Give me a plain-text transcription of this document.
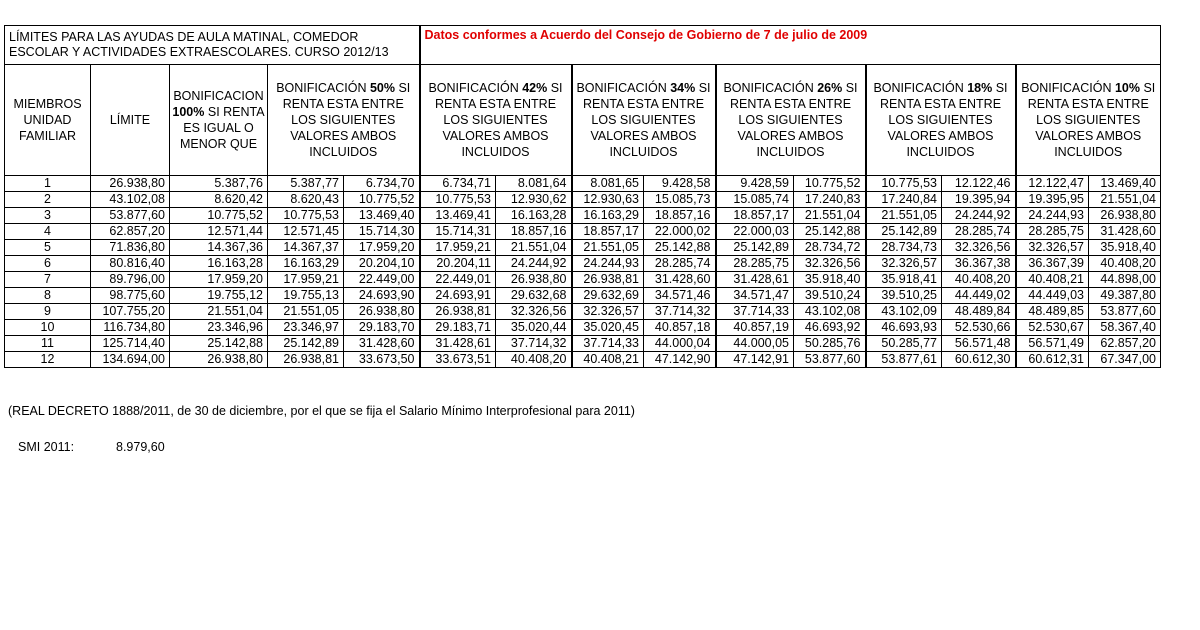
LÍMITES PARA LAS AYUDAS DE AULA MATINAL, COMEDOR ESCOLAR Y ACTIVIDADES EXTRAESCOLARES. CURSO 2012/13					Datos conformes a Acuerdo del Consejo de Gobierno de 7 de julio de 2009									
MIEMBROS UNIDAD FAMILIAR	LÍMITE	BONIFICACION 100% SI RENTA ES IGUAL O MENOR QUE	BONIFICACIÓN 50% SI RENTA ESTA ENTRE LOS SIGUIENTES VALORES AMBOS INCLUIDOS		BONIFICACIÓN 42% SI RENTA ESTA ENTRE LOS SIGUIENTES VALORES AMBOS INCLUIDOS		BONIFICACIÓN 34% SI RENTA ESTA ENTRE LOS SIGUIENTES VALORES AMBOS INCLUIDOS		BONIFICACIÓN 26% SI RENTA ESTA ENTRE LOS SIGUIENTES VALORES AMBOS INCLUIDOS		BONIFICACIÓN 18% SI RENTA ESTA ENTRE LOS SIGUIENTES VALORES AMBOS INCLUIDOS		BONIFICACIÓN 10% SI RENTA ESTA ENTRE LOS SIGUIENTES VALORES AMBOS INCLUIDOS	
1	26.938,80	5.387,76	5.387,77	6.734,70	6.734,71	8.081,64	8.081,65	9.428,58	9.428,59	10.775,52	10.775,53	12.122,46	12.122,47	13.469,40
2	43.102,08	8.620,42	8.620,43	10.775,52	10.775,53	12.930,62	12.930,63	15.085,73	15.085,74	17.240,83	17.240,84	19.395,94	19.395,95	21.551,04
3	53.877,60	10.775,52	10.775,53	13.469,40	13.469,41	16.163,28	16.163,29	18.857,16	18.857,17	21.551,04	21.551,05	24.244,92	24.244,93	26.938,80
4	62.857,20	12.571,44	12.571,45	15.714,30	15.714,31	18.857,16	18.857,17	22.000,02	22.000,03	25.142,88	25.142,89	28.285,74	28.285,75	31.428,60
5	71.836,80	14.367,36	14.367,37	17.959,20	17.959,21	21.551,04	21.551,05	25.142,88	25.142,89	28.734,72	28.734,73	32.326,56	32.326,57	35.918,40
6	80.816,40	16.163,28	16.163,29	20.204,10	20.204,11	24.244,92	24.244,93	28.285,74	28.285,75	32.326,56	32.326,57	36.367,38	36.367,39	40.408,20
7	89.796,00	17.959,20	17.959,21	22.449,00	22.449,01	26.938,80	26.938,81	31.428,60	31.428,61	35.918,40	35.918,41	40.408,20	40.408,21	44.898,00
8	98.775,60	19.755,12	19.755,13	24.693,90	24.693,91	29.632,68	29.632,69	34.571,46	34.571,47	39.510,24	39.510,25	44.449,02	44.449,03	49.387,80
9	107.755,20	21.551,04	21.551,05	26.938,80	26.938,81	32.326,56	32.326,57	37.714,32	37.714,33	43.102,08	43.102,09	48.489,84	48.489,85	53.877,60
10	116.734,80	23.346,96	23.346,97	29.183,70	29.183,71	35.020,44	35.020,45	40.857,18	40.857,19	46.693,92	46.693,93	52.530,66	52.530,67	58.367,40
11	125.714,40	25.142,88	25.142,89	31.428,60	31.428,61	37.714,32	37.714,33	44.000,04	44.000,05	50.285,76	50.285,77	56.571,48	56.571,49	62.857,20
12	134.694,00	26.938,80	26.938,81	33.673,50	33.673,51	40.408,20	40.408,21	47.142,90	47.142,91	53.877,60	53.877,61	60.612,30	60.612,31	67.347,00
(REAL DECRETO 1888/2011, de 30 de diciembre, por el que se fija el Salario Mínimo Interprofesional para 2011)
SMI 2011:	8.979,60
